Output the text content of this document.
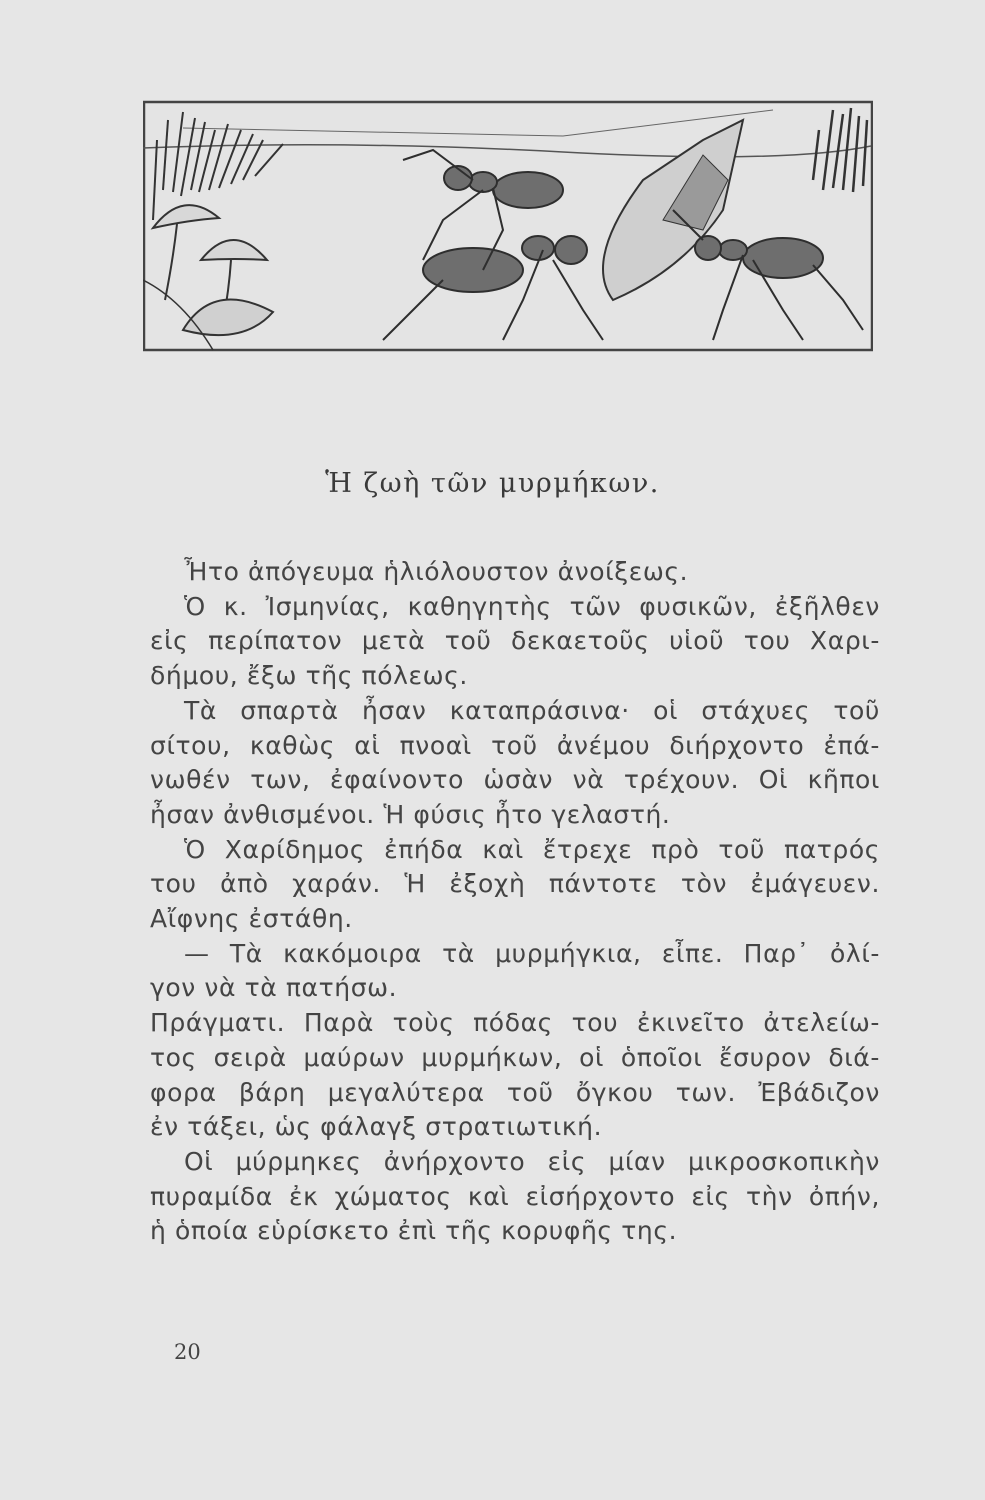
Ἡ ζωὴ τῶν μυρμήκων.
Ἦτο ἀπόγευμα ἡλιόλουστον ἀνοίξεως.
Ὁ κ. Ἰσμηνίας, καθηγητὴς τῶν φυσικῶν, ἐξῆλθεν
εἰς περίπατον μετὰ τοῦ δεκαετοῦς υἱοῦ του Χαρι-
δήμου, ἔξω τῆς πόλεως.
Τὰ σπαρτὰ ἦσαν καταπράσινα· οἱ στάχυες τοῦ
σίτου, καθὼς αἱ πνοαὶ τοῦ ἀνέμου διήρχοντο ἐπά-
νωθέν των, ἐφαίνοντο ὡσὰν νὰ τρέχουν. Οἱ κῆποι
ἦσαν ἀνθισμένοι. Ἡ φύσις ἦτο γελαστή.
Ὁ Χαρίδημος ἐπήδα καὶ ἔτρεχε πρὸ τοῦ πατρός
του ἀπὸ χαράν. Ἡ ἐξοχὴ πάντοτε τὸν ἐμάγευεν.
Αἴφνης ἐστάθη.
— Τὰ κακόμοιρα τὰ μυρμήγκια, εἶπε. Παρ᾿ ὀλί-
γον νὰ τὰ πατήσω.
Πράγματι. Παρὰ τοὺς πόδας του ἐκινεῖτο ἀτελείω-
τος σειρὰ μαύρων μυρμήκων, οἱ ὁποῖοι ἔσυρον διά-
φορα βάρη μεγαλύτερα τοῦ ὄγκου των. Ἐβάδιζον
ἐν τάξει, ὡς φάλαγξ στρατιωτική.
Οἱ μύρμηκες ἀνήρχοντο εἰς μίαν μικροσκοπικὴν
πυραμίδα ἐκ χώματος καὶ εἰσήρχοντο εἰς τὴν ὀπήν,
ἡ ὁποία εὑρίσκετο ἐπὶ τῆς κορυφῆς της.
20
